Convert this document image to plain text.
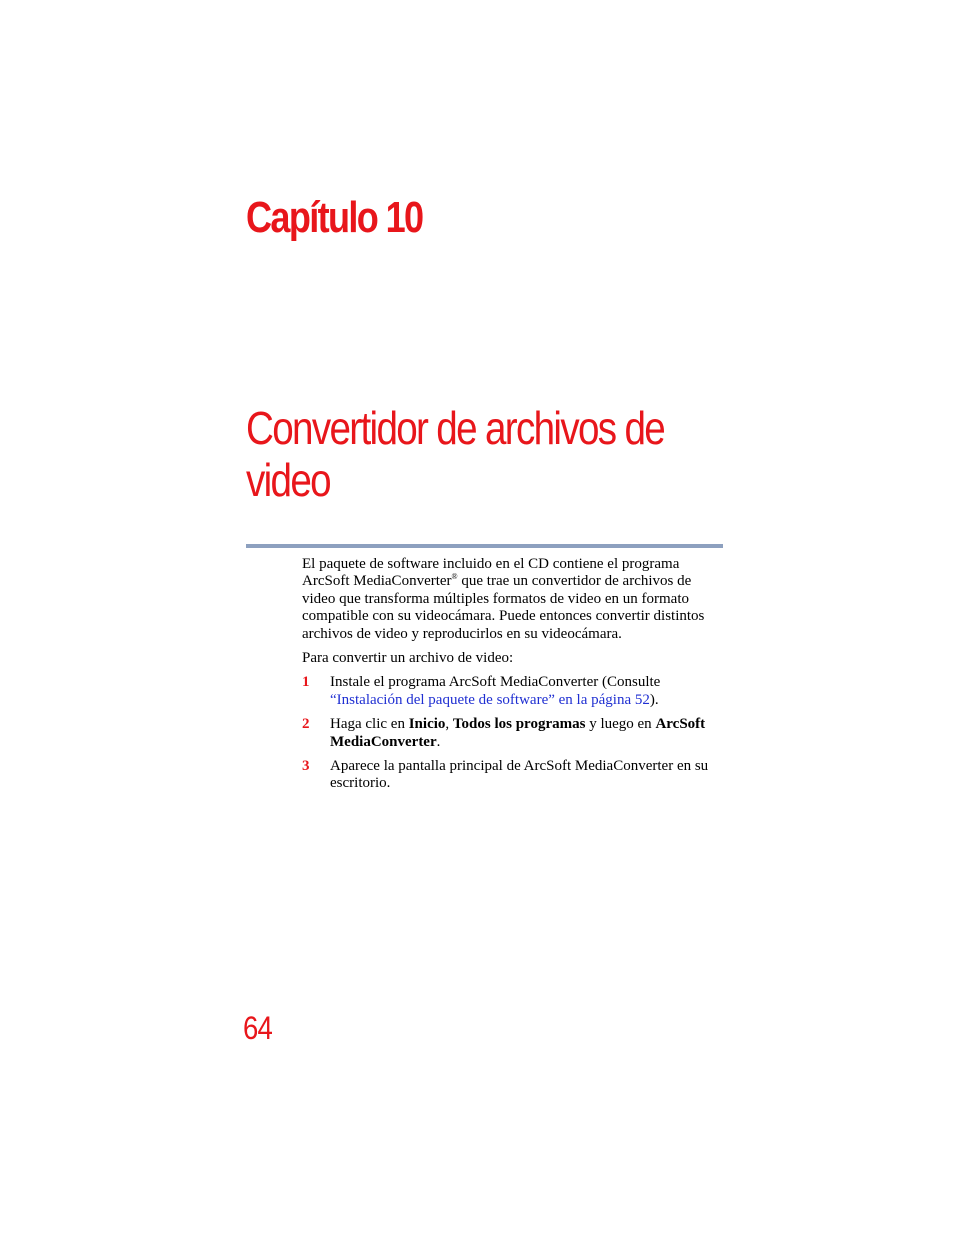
Capítulo 10
Convertidor de archivos de video

El paquete de software incluido en el CD contiene el programa ArcSoft MediaConverter® que trae un convertidor de archivos de video que transforma múltiples formatos de video en un formato compatible con su videocámara. Puede entonces convertir distintos archivos de video y reproducirlos en su videocámara.

Para convertir un archivo de video:

1	Instale el programa ArcSoft MediaConverter (Consulte “Instalación del paquete de software” en la página 52).
2	Haga clic en Inicio, Todos los programas y luego en ArcSoft MediaConverter.
3	Aparece la pantalla principal de ArcSoft MediaConverter en su escritorio.
64
